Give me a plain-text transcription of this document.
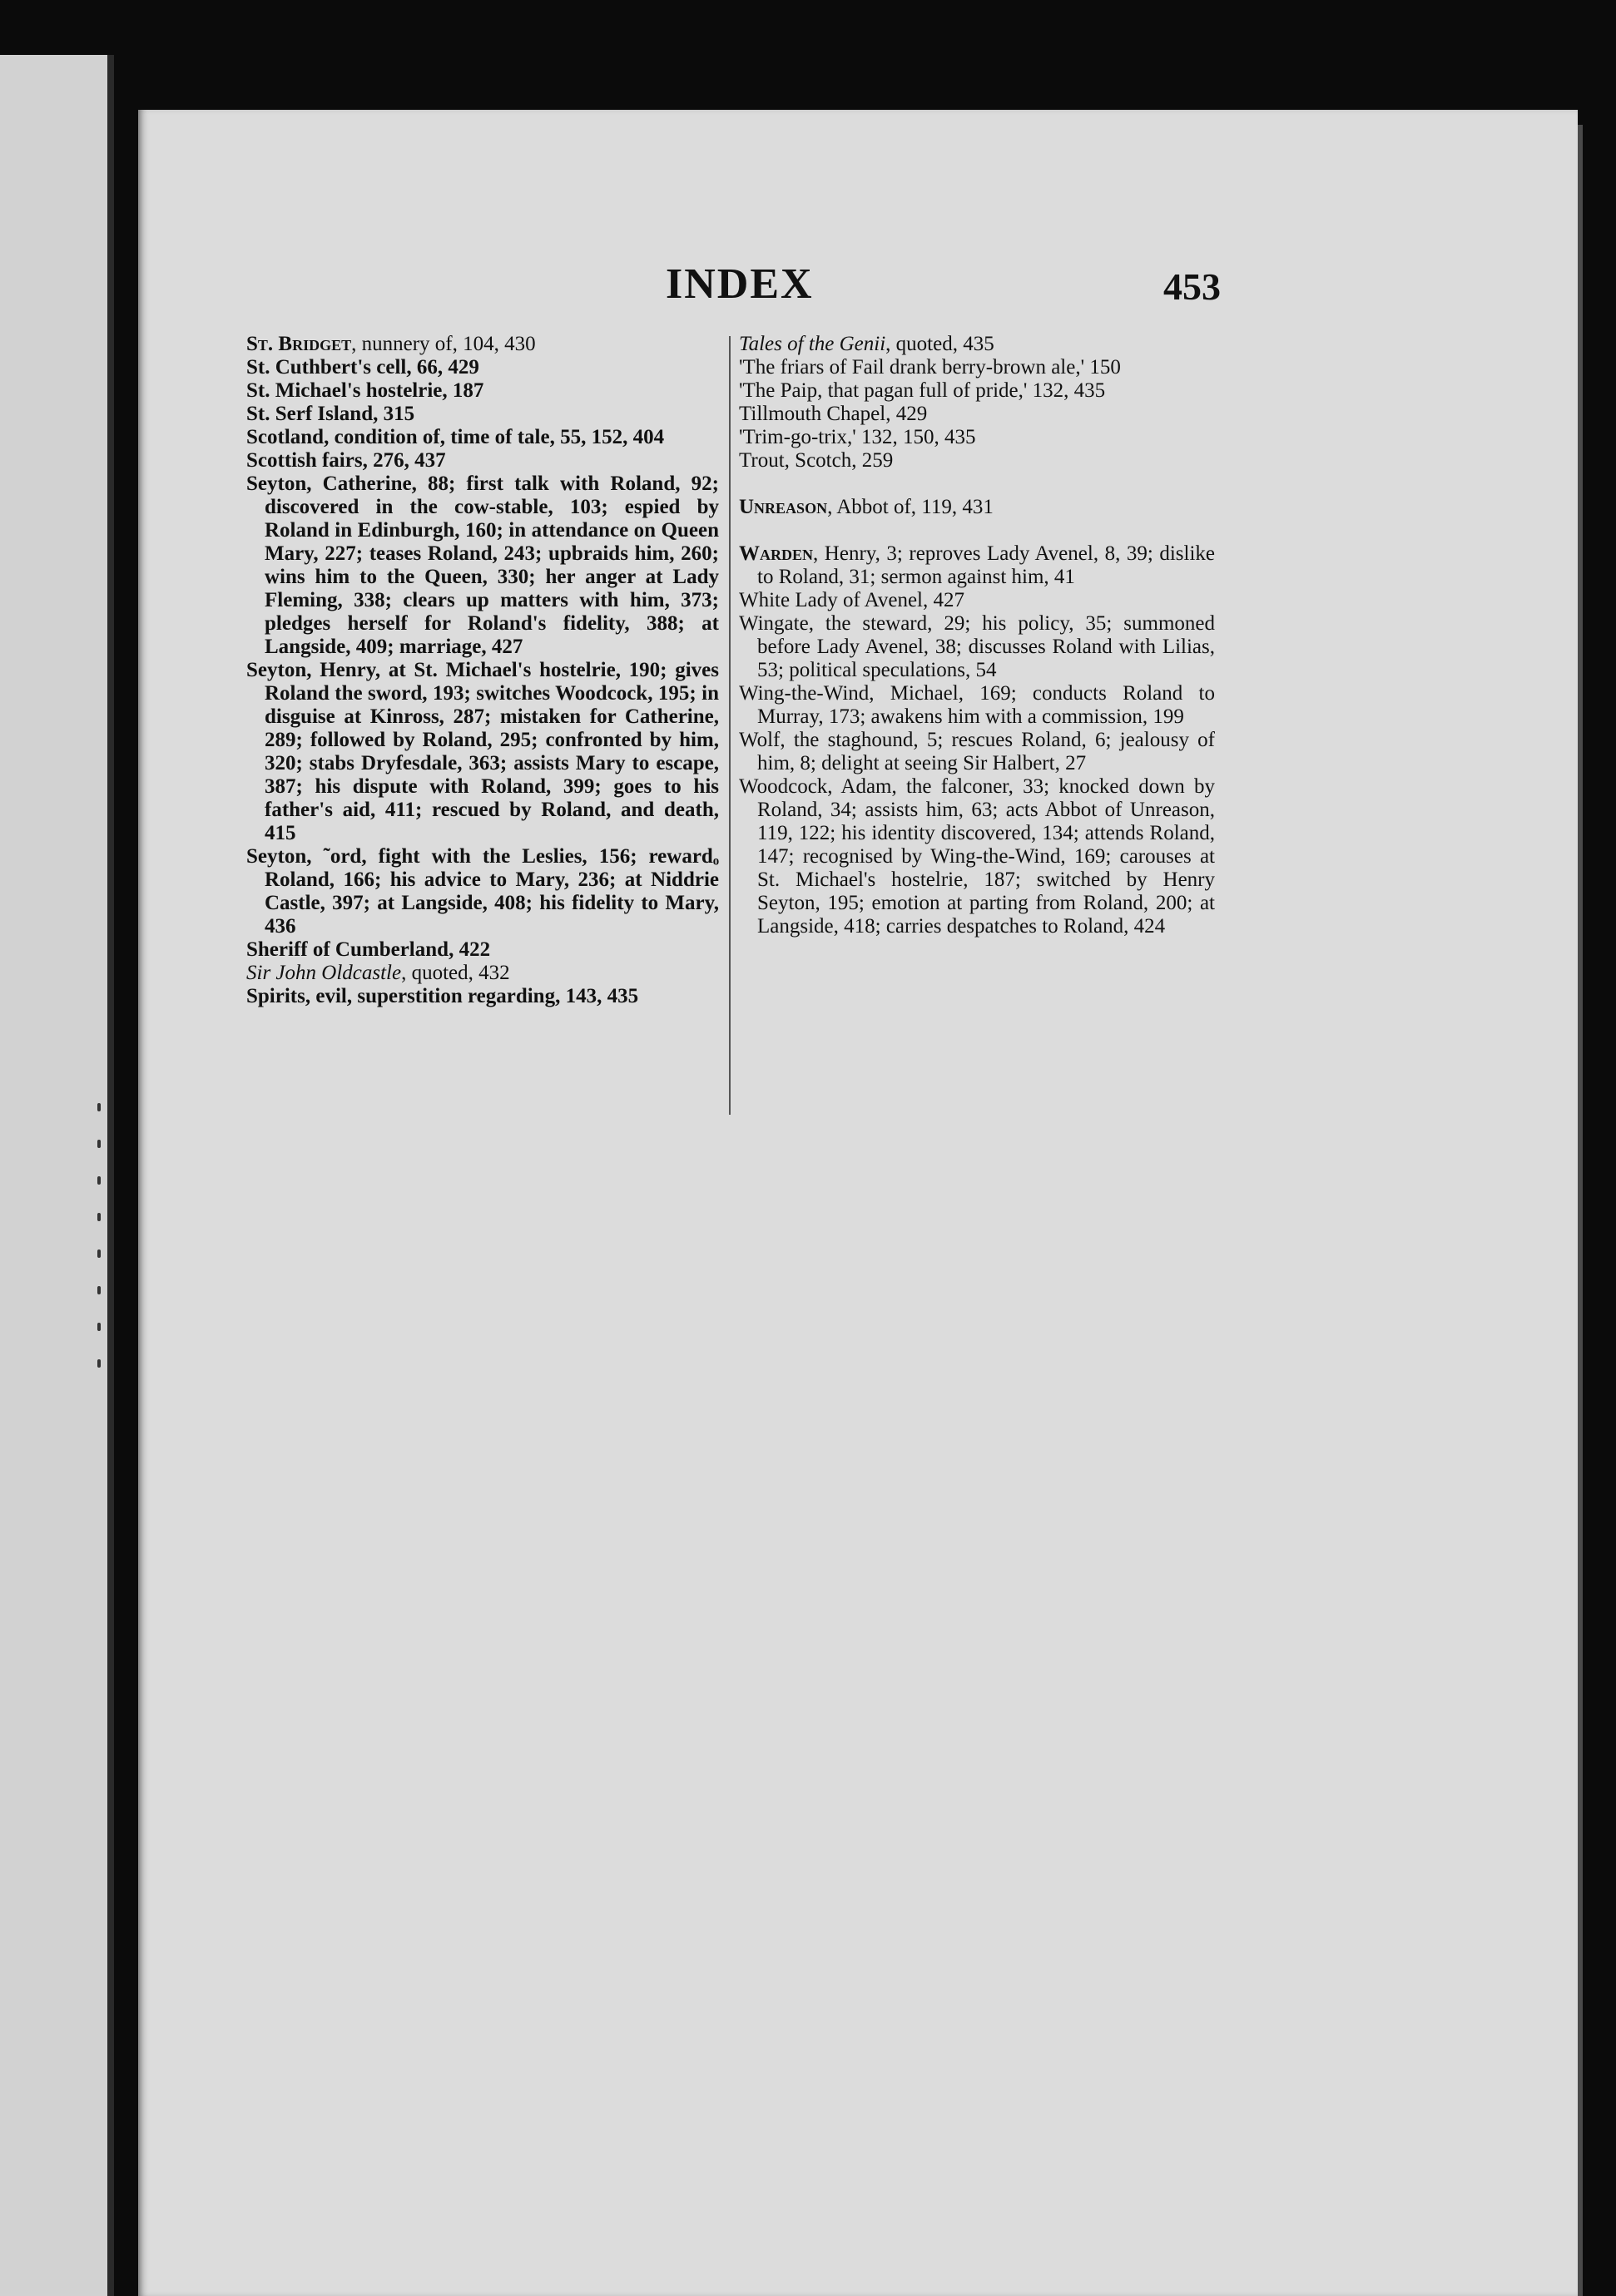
INDEX	453

St. Bridget, nunnery of, 104, 430

St. Cuthbert's cell, 66, 429

St. Michael's hostelrie, 187

St. Serf Island, 315

Scotland, condition of, time of tale, 55, 152, 404

Scottish fairs, 276, 437

Seyton, Catherine, 88; first talk with Roland, 92; discovered in the cow-stable, 103; espied by Roland in Edinburgh, 160; in attendance on Queen Mary, 227; teases Roland, 243; upbraids him, 260; wins him to the Queen, 330; her anger at Lady Fleming, 338; clears up matters with him, 373; pledges herself for Roland's fidelity, 388; at Langside, 409; marriage, 427

Seyton, Henry, at St. Michael's hostelrie, 190; gives Roland the sword, 193; switches Woodcock, 195; in disguise at Kinross, 287; mistaken for Catherine, 289; followed by Roland, 295; confronted by him, 320; stabs Dryfesdale, 363; assists Mary to escape, 387; his dispute with Roland, 399; goes to his father's aid, 411; rescued by Roland, and death, 415

Seyton, ˜ord, fight with the Leslies, 156; rewardₒ Roland, 166; his advice to Mary, 236; at Niddrie Castle, 397; at Langside, 408; his fidelity to Mary, 436

Sheriff of Cumberland, 422

Sir John Oldcastle, quoted, 432

Spirits, evil, superstition regarding, 143, 435

Tales of the Genii, quoted, 435

'The friars of Fail drank berry-brown ale,' 150

'The Paip, that pagan full of pride,' 132, 435

Tillmouth Chapel, 429

'Trim-go-trix,' 132, 150, 435

Trout, Scotch, 259

Unreason, Abbot of, 119, 431

Warden, Henry, 3; reproves Lady Avenel, 8, 39; dislike to Roland, 31; sermon against him, 41

White Lady of Avenel, 427

Wingate, the steward, 29; his policy, 35; summoned before Lady Avenel, 38; discusses Roland with Lilias, 53; political speculations, 54

Wing-the-Wind, Michael, 169; conducts Roland to Murray, 173; awakens him with a commission, 199

Wolf, the staghound, 5; rescues Roland, 6; jealousy of him, 8; delight at seeing Sir Halbert, 27

Woodcock, Adam, the falconer, 33; knocked down by Roland, 34; assists him, 63; acts Abbot of Unreason, 119, 122; his identity discovered, 134; attends Roland, 147; recognised by Wing-the-Wind, 169; carouses at St. Michael's hostelrie, 187; switched by Henry Seyton, 195; emotion at parting from Roland, 200; at Langside, 418; carries despatches to Roland, 424
